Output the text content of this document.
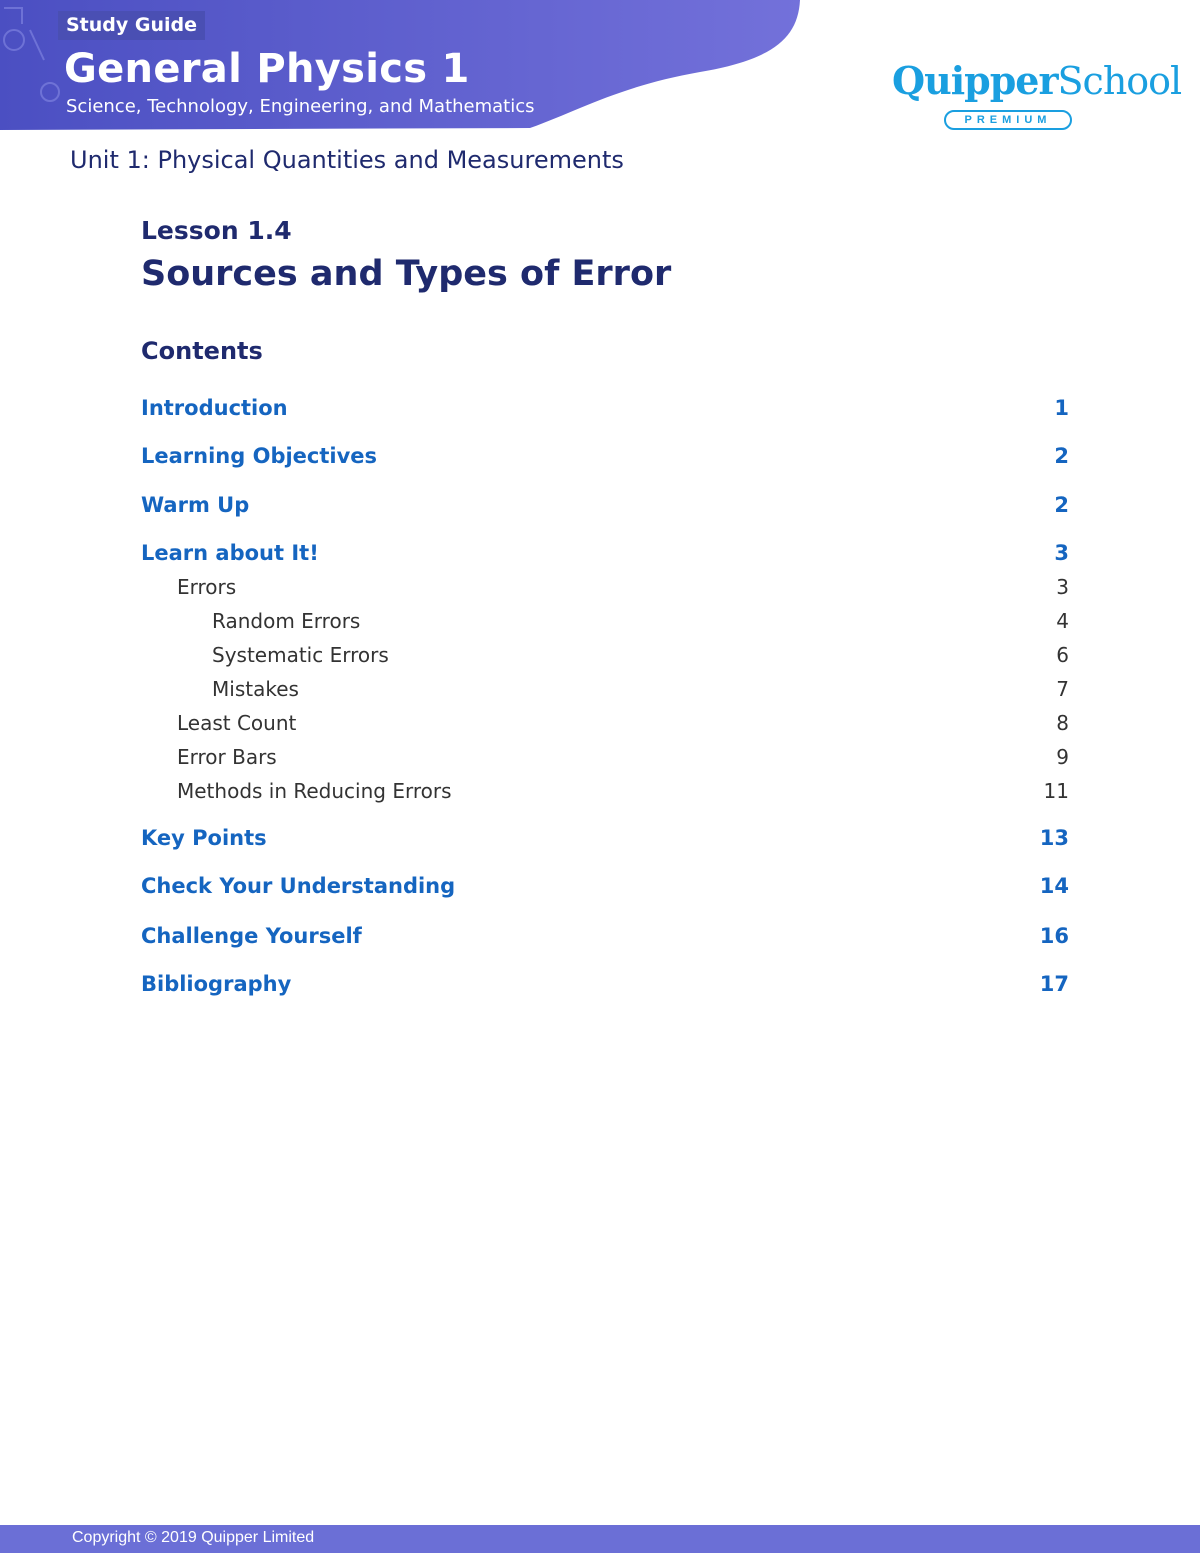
Study Guide
General Physics 1
Science, Technology, Engineering, and Mathematics
QuipperSchool
PREMIUM
Unit 1: Physical Quantities and Measurements
Lesson 1.4
Sources and Types of Error
Contents
Introduction	1
Learning Objectives	2
Warm Up	2
Learn about It!	3
Errors	3
Random Errors	4
Systematic Errors	6
Mistakes	7
Least Count	8
Error Bars	9
Methods in Reducing Errors	11
Key Points	13
Check Your Understanding	14
Challenge Yourself	16
Bibliography	17
Copyright © 2019 Quipper Limited
